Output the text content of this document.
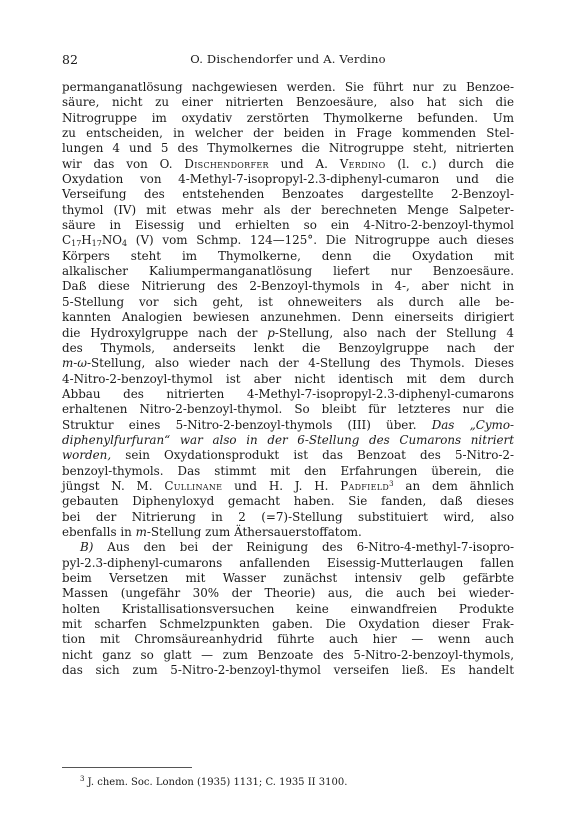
82	O. Dischendorfer und A. Verdino
permanganatlösung nachgewiesen werden. Sie führt nur zu Benzoe-
säure, nicht zu einer nitrierten Benzoesäure, also hat sich die
Nitrogruppe im oxydativ zerstörten Thymolkerne befunden. Um
zu entscheiden, in welcher der beiden in Frage kommenden Stel-
lungen 4 und 5 des Thymolkernes die Nitrogruppe steht, nitrierten
wir das von O. Dischendorfer und A. Verdino (l. c.) durch die
Oxydation von 4-Methyl-7-isopropyl-2.3-diphenyl-cumaron und die
Verseifung des entstehenden Benzoates dargestellte 2-Benzoyl-
thymol (IV) mit etwas mehr als der berechneten Menge Salpeter-
säure in Eisessig und erhielten so ein 4-Nitro-2-benzoyl-thymol
$C_{17}H_{17}NO_4$ (V) vom Schmp. 124—125°. Die Nitrogruppe auch dieses
Körpers steht im Thymolkerne, denn die Oxydation mit
alkalischer Kaliumpermanganatlösung liefert nur Benzoesäure.
Daß diese Nitrierung des 2-Benzoyl-thymols in 4-, aber nicht in
5-Stellung vor sich geht, ist ohneweiters als durch alle be-
kannten Analogien bewiesen anzunehmen. Denn einerseits dirigiert
die Hydroxylgruppe nach der p-Stellung, also nach der Stellung 4
des Thymols, anderseits lenkt die Benzoylgruppe nach der
m-ω-Stellung, also wieder nach der 4-Stellung des Thymols. Dieses
4-Nitro-2-benzoyl-thymol ist aber nicht identisch mit dem durch
Abbau des nitrierten 4-Methyl-7-isopropyl-2.3-diphenyl-cumarons
erhaltenen Nitro-2-benzoyl-thymol. So bleibt für letzteres nur die
Struktur eines 5-Nitro-2-benzoyl-thymols (III) über. Das „Cymo-
diphenylfurfuran“ war also in der 6-Stellung des Cumarons nitriert
worden, sein Oxydationsprodukt ist das Benzoat des 5-Nitro-2-
benzoyl-thymols. Das stimmt mit den Erfahrungen überein, die
jüngst N. M. Cullinane und H. J. H. Padfield$^3$ an dem ähnlich
gebauten Diphenyloxyd gemacht haben. Sie fanden, daß dieses
bei der Nitrierung in 2 (=7)-Stellung substituiert wird, also
ebenfalls in m-Stellung zum Äthersauerstoffatom.
B) Aus den bei der Reinigung des 6-Nitro-4-methyl-7-isopro-
pyl-2.3-diphenyl-cumarons anfallenden Eisessig-Mutterlaugen fallen
beim Versetzen mit Wasser zunächst intensiv gelb gefärbte
Massen (ungefähr 30% der Theorie) aus, die auch bei wieder-
holten Kristallisationsversuchen keine einwandfreien Produkte
mit scharfen Schmelzpunkten gaben. Die Oxydation dieser Frak-
tion mit Chromsäureanhydrid führte auch hier — wenn auch
nicht ganz so glatt — zum Benzoate des 5-Nitro-2-benzoyl-thymols,
das sich zum 5-Nitro-2-benzoyl-thymol verseifen ließ. Es handelt
$^3$ J. chem. Soc. London (1935) 1131; C. 1935 II 3100.
